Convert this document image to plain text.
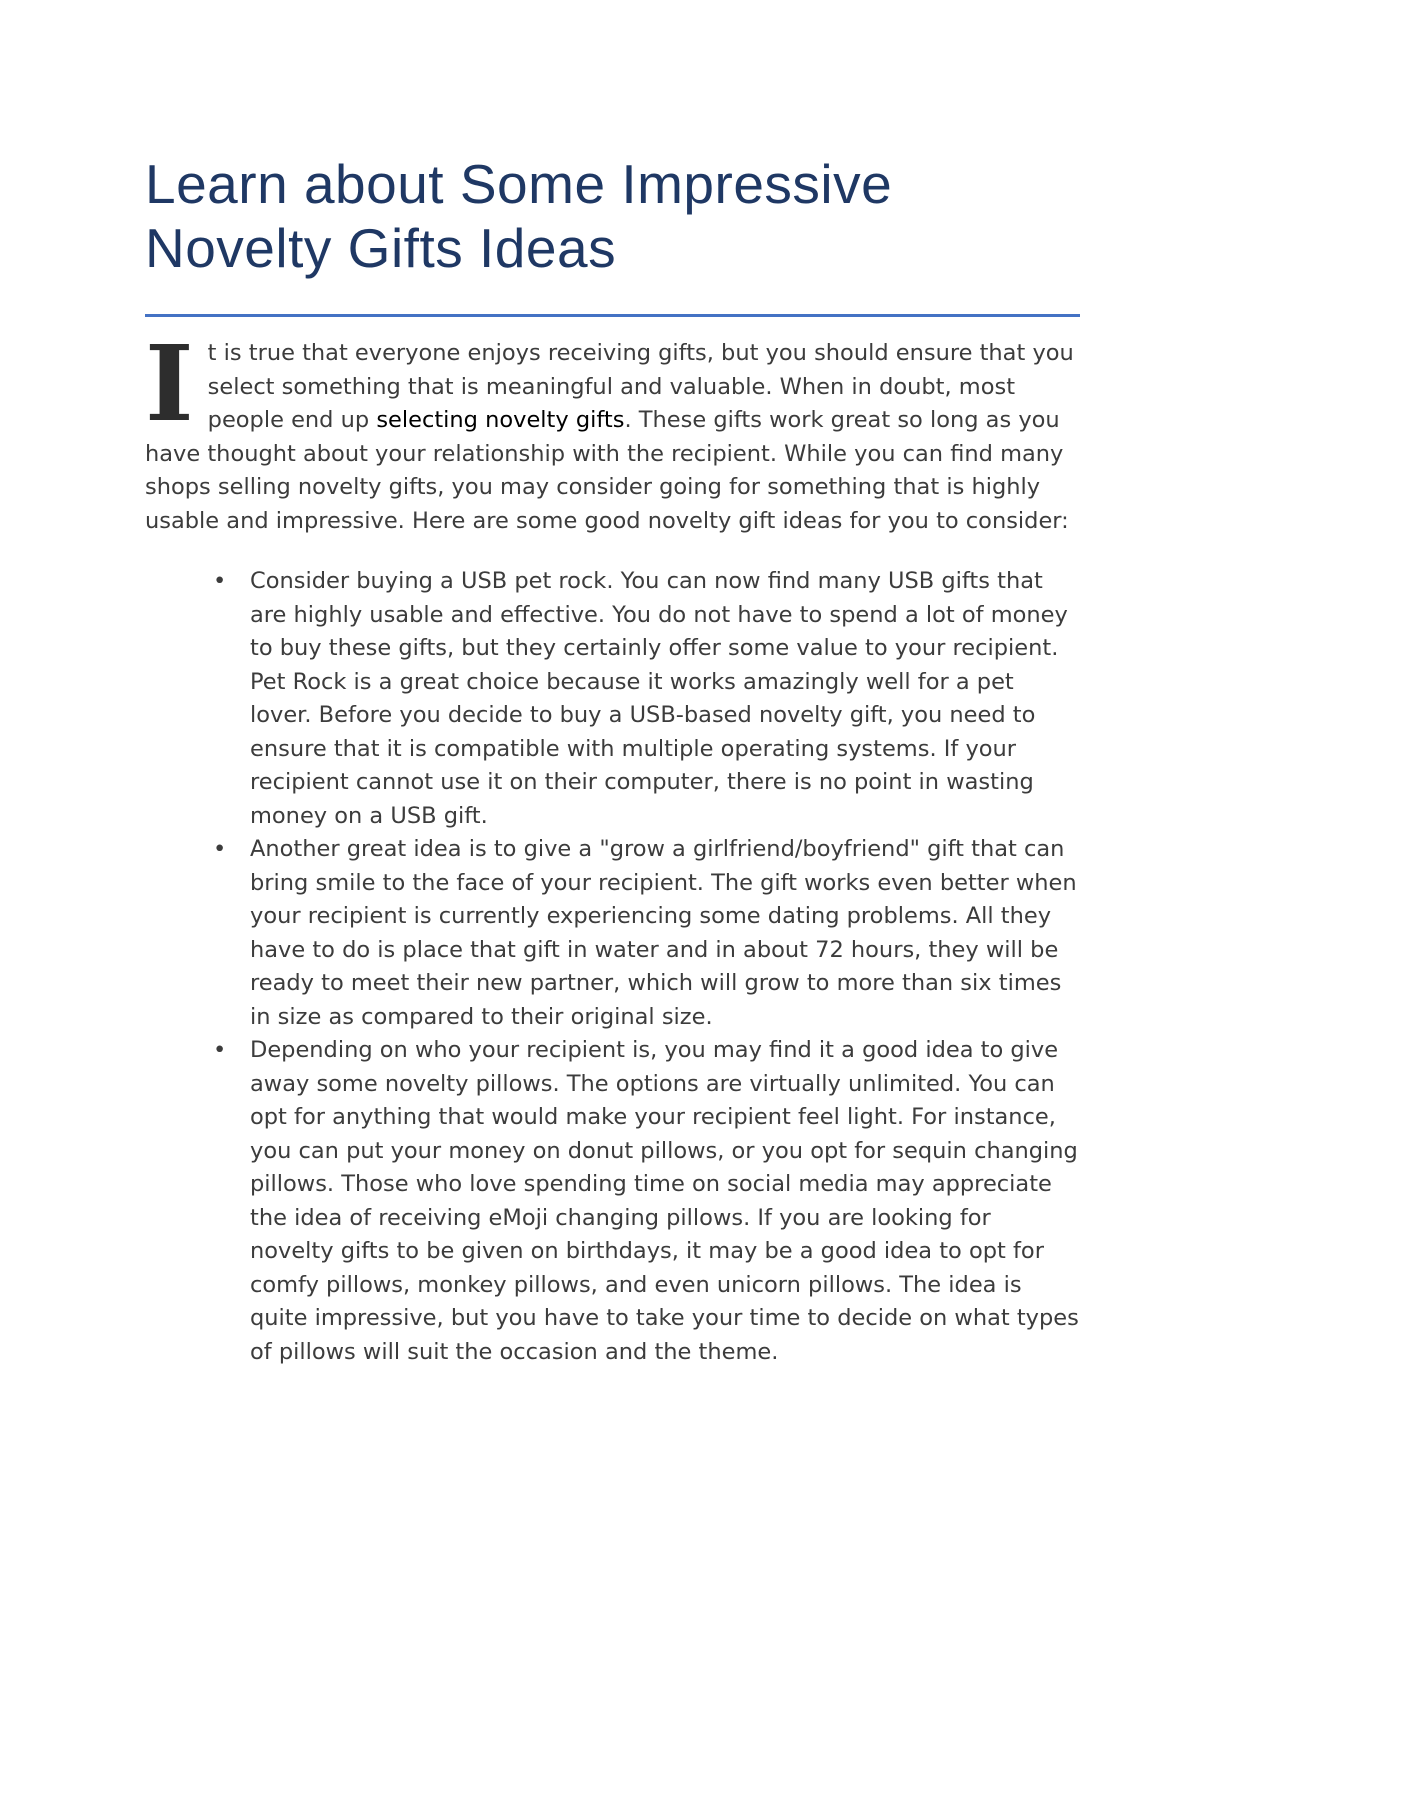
Learn about Some Impressive Novelty Gifts Ideas

It is true that everyone enjoys receiving gifts, but you should ensure that you select something that is meaningful and valuable. When in doubt, most people end up selecting novelty gifts. These gifts work great so long as you have thought about your relationship with the recipient. While you can find many shops selling novelty gifts, you may consider going for something that is highly usable and impressive. Here are some good novelty gift ideas for you to consider:

• Consider buying a USB pet rock. You can now find many USB gifts that are highly usable and effective. You do not have to spend a lot of money to buy these gifts, but they certainly offer some value to your recipient. Pet Rock is a great choice because it works amazingly well for a pet lover. Before you decide to buy a USB-based novelty gift, you need to ensure that it is compatible with multiple operating systems. If your recipient cannot use it on their computer, there is no point in wasting money on a USB gift.
• Another great idea is to give a "grow a girlfriend/boyfriend" gift that can bring smile to the face of your recipient. The gift works even better when your recipient is currently experiencing some dating problems. All they have to do is place that gift in water and in about 72 hours, they will be ready to meet their new partner, which will grow to more than six times in size as compared to their original size.
• Depending on who your recipient is, you may find it a good idea to give away some novelty pillows. The options are virtually unlimited. You can opt for anything that would make your recipient feel light. For instance, you can put your money on donut pillows, or you opt for sequin changing pillows. Those who love spending time on social media may appreciate the idea of receiving eMoji changing pillows. If you are looking for novelty gifts to be given on birthdays, it may be a good idea to opt for comfy pillows, monkey pillows, and even unicorn pillows. The idea is quite impressive, but you have to take your time to decide on what types of pillows will suit the occasion and the theme.
